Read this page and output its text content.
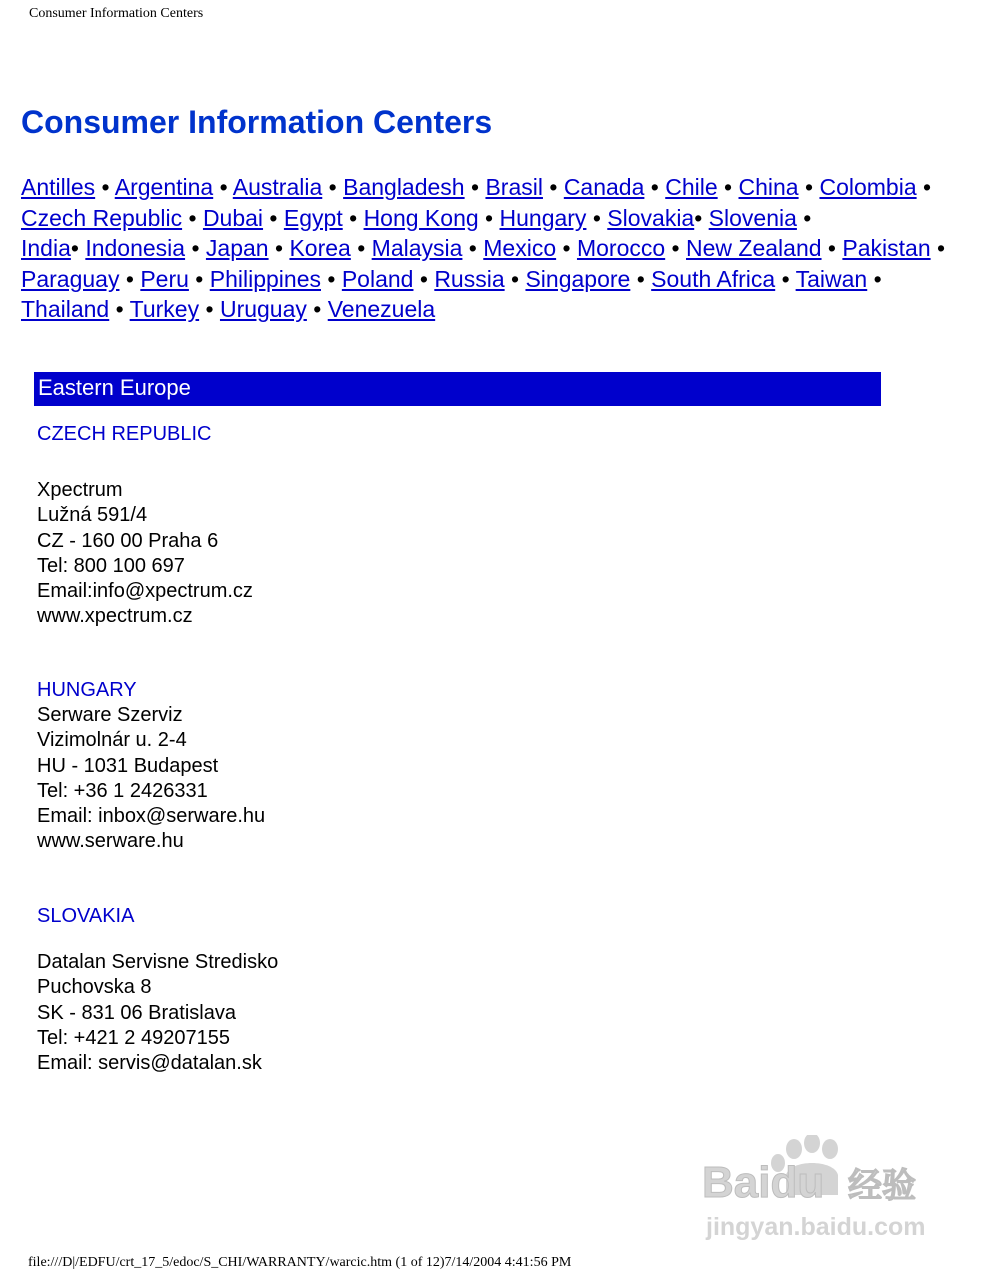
Consumer Information Centers
Consumer Information Centers
Antilles • Argentina • Australia • Bangladesh • Brasil • Canada • Chile • China • Colombia •
Czech Republic • Dubai • Egypt • Hong Kong • Hungary • Slovakia• Slovenia •
India• Indonesia • Japan • Korea • Malaysia • Mexico • Morocco • New Zealand • Pakistan •
Paraguay • Peru • Philippines • Poland • Russia • Singapore • South Africa • Taiwan •
Thailand • Turkey • Uruguay • Venezuela
Eastern Europe
CZECH REPUBLIC
Xpectrum
Lužná 591/4
CZ - 160 00 Praha 6
Tel: 800 100 697
Email:info@xpectrum.cz
www.xpectrum.cz
HUNGARY
Serware Szerviz
Vizimolnár u. 2-4
HU - 1031 Budapest
Tel: +36 1 2426331
Email: inbox@serware.hu
www.serware.hu
SLOVAKIA
Datalan Servisne Stredisko
Puchovska 8
SK - 831 06 Bratislava
Tel: +421 2 49207155
Email: servis@datalan.sk
Baidu 经验
jingyan.baidu.com
file:///D|/EDFU/crt_17_5/edoc/S_CHI/WARRANTY/warcic.htm (1 of 12)7/14/2004 4:41:56 PM
